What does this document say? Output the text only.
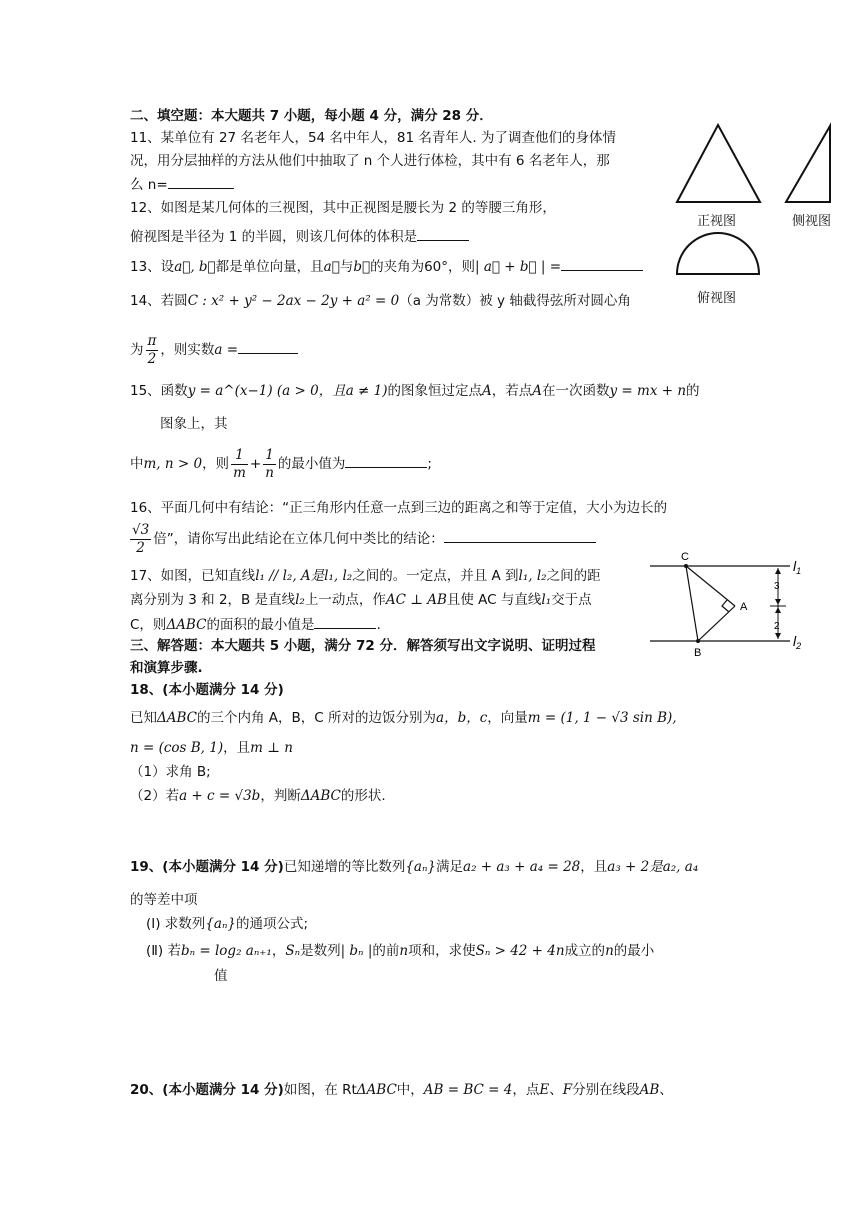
二、填空题：本大题共 7 小题，每小题 4 分，满分 28 分．
11、某单位有 27 名老年人，54 名中年人，81 名青年人. 为了调查他们的身体情
况，用分层抽样的方法从他们中抽取了 n 个人进行体检，其中有 6 名老年人，那
么 n=
12、如图是某几何体的三视图，其中正视图是腰长为 2 的等腰三角形，
俯视图是半径为 1 的半圆，则该几何体的体积是
13、设a⃗, b⃗都是单位向量，且a⃗与b⃗的夹角为60°，则| a⃗ + b⃗ | =
14、若圆C : x² + y² − 2ax − 2y + a² = 0（a 为常数）被 y 轴截得弦所对圆心角
为 $\frac{\pi}{2}$ ，则实数a =
15、函数y = a^(x−1) (a > 0，且a ≠ 1)的图象恒过定点A，若点A在一次函数y = mx + n的
图象上，其
中m, n > 0，则 $\frac{1}{m} + \frac{1}{n}$ 的最小值为	;
16、平面几何中有结论：“正三角形内任意一点到三边的距离之和等于定值，大小为边长的
$\frac{√3}{2}$ 倍”，请你写出此结论在立体几何中类比的结论：
17、如图，已知直线l₁ // l₂, A是l₁, l₂之间的。一定点，并且 A 到l₁, l₂之间的距
离分别为 3 和 2，B 是直线l₂上一动点，作AC ⊥ AB且使 AC 与直线l₁交于点
C，则ΔABC的面积的最小值是	.
三、解答题：本大题共 5 小题，满分 72 分．解答须写出文字说明、证明过程
和演算步骤.
18、(本小题满分 14 分)
已知ΔABC的三个内角 A，B，C 所对的边饭分别为a，b，c，向量m = (1, 1 − √3 sin B),
n = (cos B, 1)，且m ⊥ n
（1）求角 B;
（2）若a + c = √3b，判断ΔABC的形状.
19、(本小题满分 14 分)已知递增的等比数列{aₙ}满足a₂ + a₃ + a₄ = 28，且a₃ + 2是a₂, a₄
的等差中项
(Ⅰ) 求数列{aₙ}的通项公式;
(Ⅱ) 若bₙ = log₂ aₙ₊₁，Sₙ是数列| bₙ |的前n项和，求使Sₙ > 42 + 4n成立的n的最小
值
20、(本小题满分 14 分)如图，在 RtΔABC中，AB = BC = 4，点E、F分别在线段AB、
正视图	侧视图
俯视图
C
A
B
3
2
$l_1$
$l_2$
